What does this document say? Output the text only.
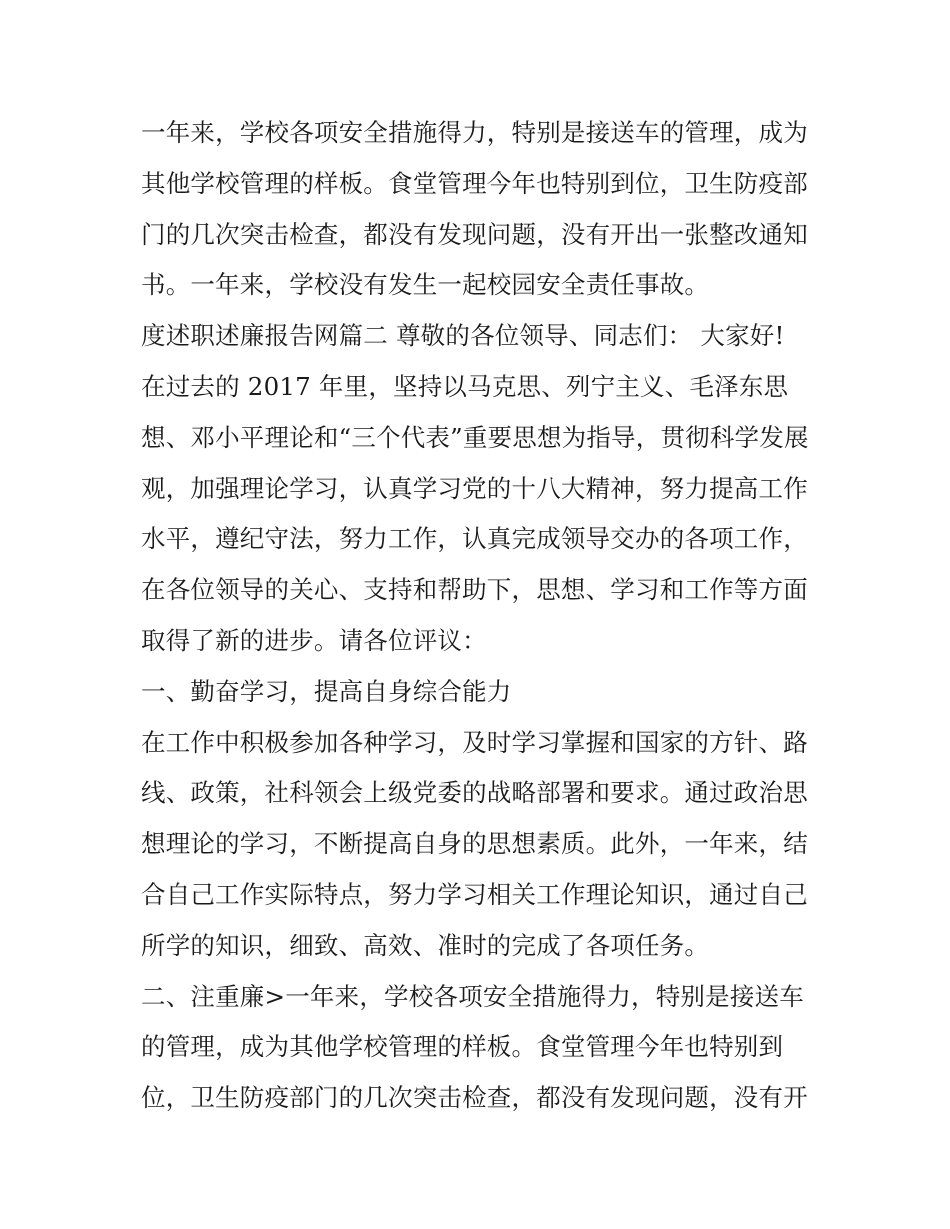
一年来，学校各项安全措施得力，特别是接送车的管理，成为
其他学校管理的样板。食堂管理今年也特别到位，卫生防疫部
门的几次突击检查，都没有发现问题，没有开出一张整改通知
书。一年来，学校没有发生一起校园安全责任事故。
度述职述廉报告网篇二 尊敬的各位领导、同志们： 大家好!
在过去的 2017 年里，坚持以马克思、列宁主义、毛泽东思
想、邓小平理论和“三个代表”重要思想为指导，贯彻科学发展
观，加强理论学习，认真学习党的十八大精神，努力提高工作
水平，遵纪守法，努力工作，认真完成领导交办的各项工作，
在各位领导的关心、支持和帮助下，思想、学习和工作等方面
取得了新的进步。请各位评议：
一、勤奋学习，提高自身综合能力
在工作中积极参加各种学习，及时学习掌握和国家的方针、路
线、政策，社科领会上级党委的战略部署和要求。通过政治思
想理论的学习，不断提高自身的思想素质。此外，一年来，结
合自己工作实际特点，努力学习相关工作理论知识，通过自己
所学的知识，细致、高效、准时的完成了各项任务。
二、注重廉>一年来，学校各项安全措施得力，特别是接送车
的管理，成为其他学校管理的样板。食堂管理今年也特别到
位，卫生防疫部门的几次突击检查，都没有发现问题，没有开
